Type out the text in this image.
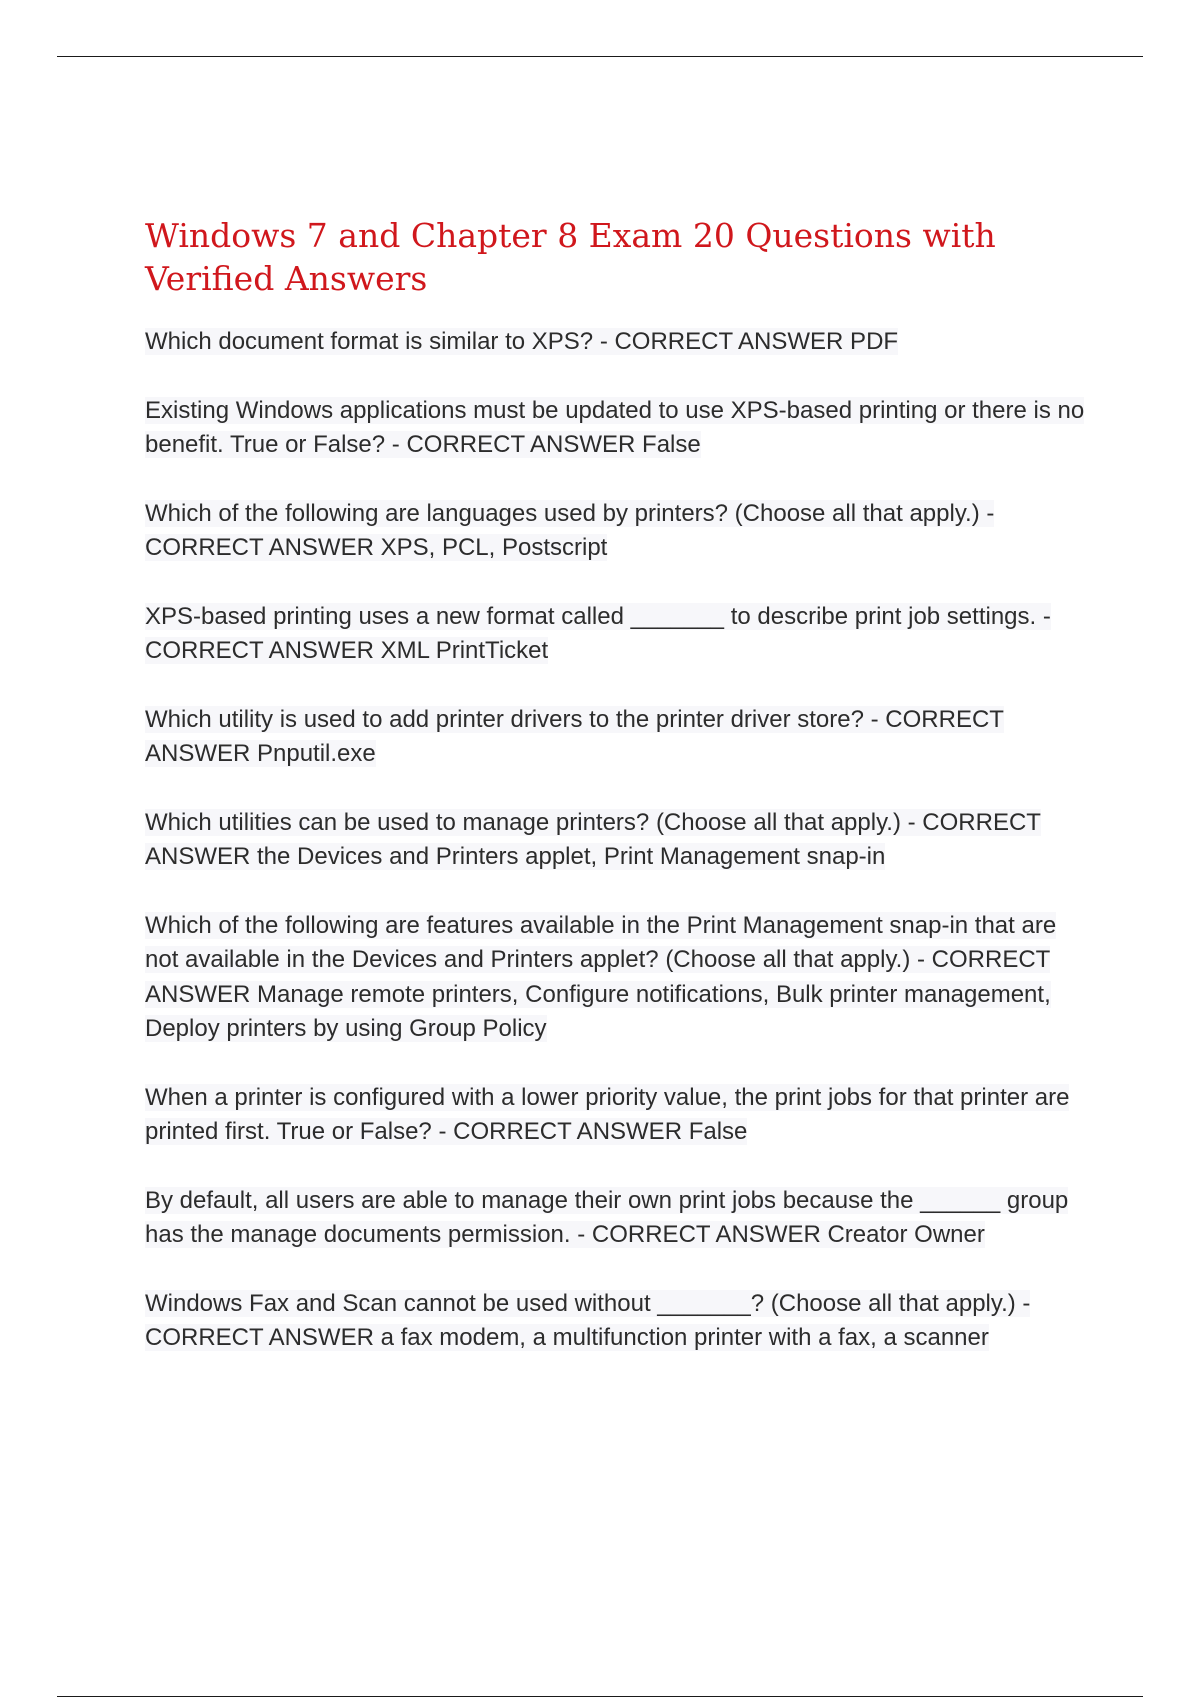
Windows 7 and Chapter 8 Exam 20 Questions with Verified Answers

Which document format is similar to XPS? - CORRECT ANSWER PDF

Existing Windows applications must be updated to use XPS-based printing or there is no benefit. True or False? - CORRECT ANSWER False

Which of the following are languages used by printers? (Choose all that apply.) - CORRECT ANSWER XPS, PCL, Postscript

XPS-based printing uses a new format called _______ to describe print job settings. - CORRECT ANSWER XML PrintTicket

Which utility is used to add printer drivers to the printer driver store? - CORRECT ANSWER Pnputil.exe

Which utilities can be used to manage printers? (Choose all that apply.) - CORRECT ANSWER the Devices and Printers applet, Print Management snap-in

Which of the following are features available in the Print Management snap-in that are not available in the Devices and Printers applet? (Choose all that apply.) - CORRECT ANSWER Manage remote printers, Configure notifications, Bulk printer management, Deploy printers by using Group Policy

When a printer is configured with a lower priority value, the print jobs for that printer are printed first. True or False? - CORRECT ANSWER False

By default, all users are able to manage their own print jobs because the ______ group has the manage documents permission. - CORRECT ANSWER Creator Owner

Windows Fax and Scan cannot be used without _______? (Choose all that apply.) - CORRECT ANSWER a fax modem, a multifunction printer with a fax, a scanner
